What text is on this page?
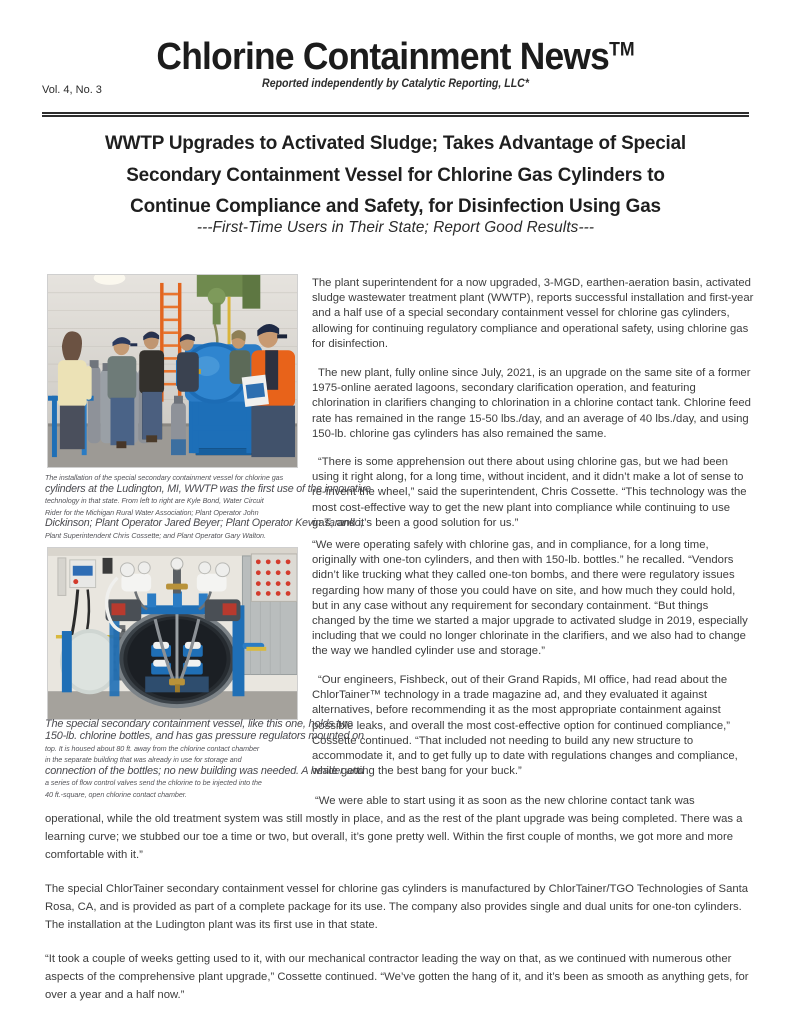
Chlorine Containment News™
Reported independently by Catalytic Reporting, LLC*
Vol. 4, No. 3
WWTP Upgrades to Activated Sludge; Takes Advantage of Special
Secondary Containment Vessel for Chlorine Gas Cylinders to
Continue Compliance and Safety, for Disinfection Using Gas
---First-Time Users in Their State; Report Good Results---

The plant superintendent for a now upgraded, 3-MGD, earthen-aeration basin, activated sludge wastewater treatment plant (WWTP), reports successful installation and first-year and a half use of a special secondary containment vessel for chlorine gas cylinders, allowing for continuing regulatory compliance and operational safety, using chlorine gas for disinfection.

The new plant, fully online since July, 2021, is an upgrade on the same site of a former 1975-online aerated lagoons, secondary clarification operation, and featuring chlorination in clarifiers changing to chlorination in a chlorine contact tank. Chlorine feed rate has remained in the range 15-50 lbs./day, and an average of 40 lbs./day, and using 150-lb. chlorine gas cylinders has also remained the same.

“There is some apprehension out there about using chlorine gas, but we had been using it right along, for a long time, without incident, and it didn’t make a lot of sense to re-invent the wheel,” said the superintendent, Chris Cossette. “This technology was the most cost-effective way to get the new plant into compliance while continuing to use gas, and it’s been a good solution for us.”

“We were operating safely with chlorine gas, and in compliance, for a long time, originally with one-ton cylinders, and then with 150-lb. bottles.” he recalled. “Vendors didn’t like trucking what they called one-ton bombs, and there were regulatory issues regarding how many of those you could have on site, and how much they could hold, but in any case without any requirement for secondary containment. “But things changed by the time we started a major upgrade to activated sludge in 2019, especially including that we could no longer chlorinate in the clarifiers, and we also had to change the way we handled cylinder use and storage.”

“Our engineers, Fishbeck, out of their Grand Rapids, MI office, had read about the ChlorTainer™ technology in a trade magazine ad, and they evaluated it against alternatives, before recommending it as the most appropriate containment against possible leaks, and overall the most cost-effective option for continued compliance,” Cossette continued. “That included not needing to build any new structure to accommodate it, and to get fully up to date with regulations changes and compliance, while getting the best bang for your buck.”

“We were able to start using it as soon as the new chlorine contact tank was operational, while the old treatment system was still mostly in place, and as the rest of the plant upgrade was being completed. There was a learning curve; we stubbed our toe a time or two, but overall, it’s gone pretty well. Within the first couple of months, we got more and more comfortable with it.”

The special ChlorTainer secondary containment vessel for chlorine gas cylinders is manufactured by ChlorTainer/TGO Technologies of Santa Rosa, CA, and is provided as part of a complete package for its use. The company also provides single and dual units for one-ton cylinders. The installation at the Ludington plant was its first use in that state.

“It took a couple of weeks getting used to it, with our mechanical contractor leading the way on that, as we continued with numerous other aspects of the comprehensive plant upgrade,” Cossette continued. “We’ve gotten the hang of it, and it’s been as smooth as anything gets, for over a year and a half now.”

The installation of the special secondary containment vessel for chlorine gas
cylinders at the Ludington, MI, WWTP was the first use of the innovative
technology in that state. From left to right are Kyle Bond, Water Circuit
Rider for the Michigan Rural Water Association; Plant Operator John
Dickinson; Plant Operator Jared Beyer; Plant Operator Kevin Taranko;
Plant Superintendent Chris Cossette; and Plant Operator Gary Walton.
The special secondary containment vessel, like this one, holds two
150-lb. chlorine bottles, and has gas pressure regulators mounted on
top. It is housed about 80 ft. away from the chlorine contact chamber
in the separate building that was already in use for storage and
connection of the bottles; no new building was needed. A header and
a series of flow control valves send the chlorine to be injected into the
40 ft.-square, open chlorine contact chamber.
